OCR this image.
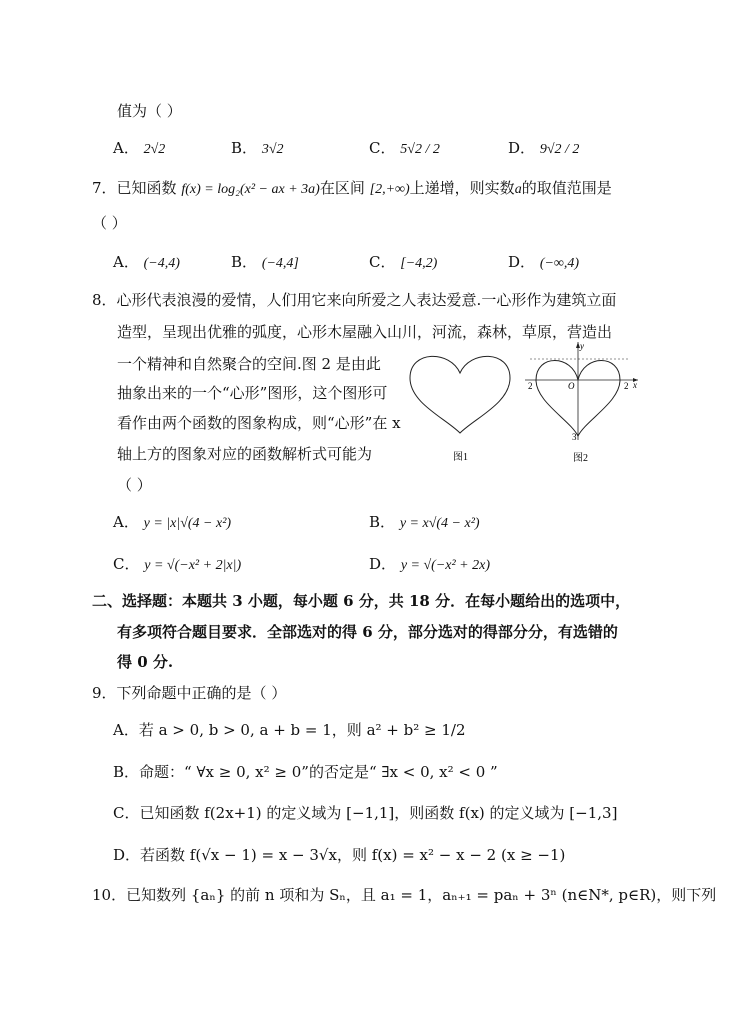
值为（ ）
A． 2√2	B． 3√2	C． 5√2 / 2	D． 9√2 / 2
7．已知函数 f(x) = log₂(x² − ax + 3a)在区间 [2,+∞)上递增，则实数a的取值范围是
（ ）
A． (−4,4)	B． (−4,4]	C． [−4,2)	D． (−∞,4)
8．心形代表浪漫的爱情，人们用它来向所爱之人表达爱意.一心形作为建筑立面
造型，呈现出优雅的弧度，心形木屋融入山川，河流，森林，草原，营造出
一个精神和自然聚合的空间.图 2 是由此
抽象出来的一个“心形”图形，这个图形可
看作由两个函数的图象构成，则“心形”在 x
轴上方的图象对应的函数解析式可能为
（ ）
图1
y
x
O
2	2
3
图2
A． y = |x|√(4 − x²)	B． y = x√(4 − x²)
C． y = √(−x² + 2|x|)	D． y = √(−x² + 2x)
二、选择题：本题共 3 小题，每小题 6 分，共 18 分．在每小题给出的选项中，
有多项符合题目要求．全部选对的得 6 分，部分选对的得部分分，有选错的
得 0 分.
9．下列命题中正确的是（ ）
A．若 a > 0, b > 0, a + b = 1，则 a² + b² ≥ 1/2
B．命题：“ ∀x ≥ 0, x² ≥ 0”的否定是“ ∃x < 0, x² < 0 ”
C．已知函数 f(2x+1) 的定义域为 [−1,1]，则函数 f(x) 的定义域为 [−1,3]
D．若函数 f(√x − 1) = x − 3√x，则 f(x) = x² − x − 2 (x ≥ −1)
10．已知数列 {aₙ} 的前 n 项和为 Sₙ，且 a₁ = 1，aₙ₊₁ = paₙ + 3ⁿ (n∈N*, p∈R)，则下列
